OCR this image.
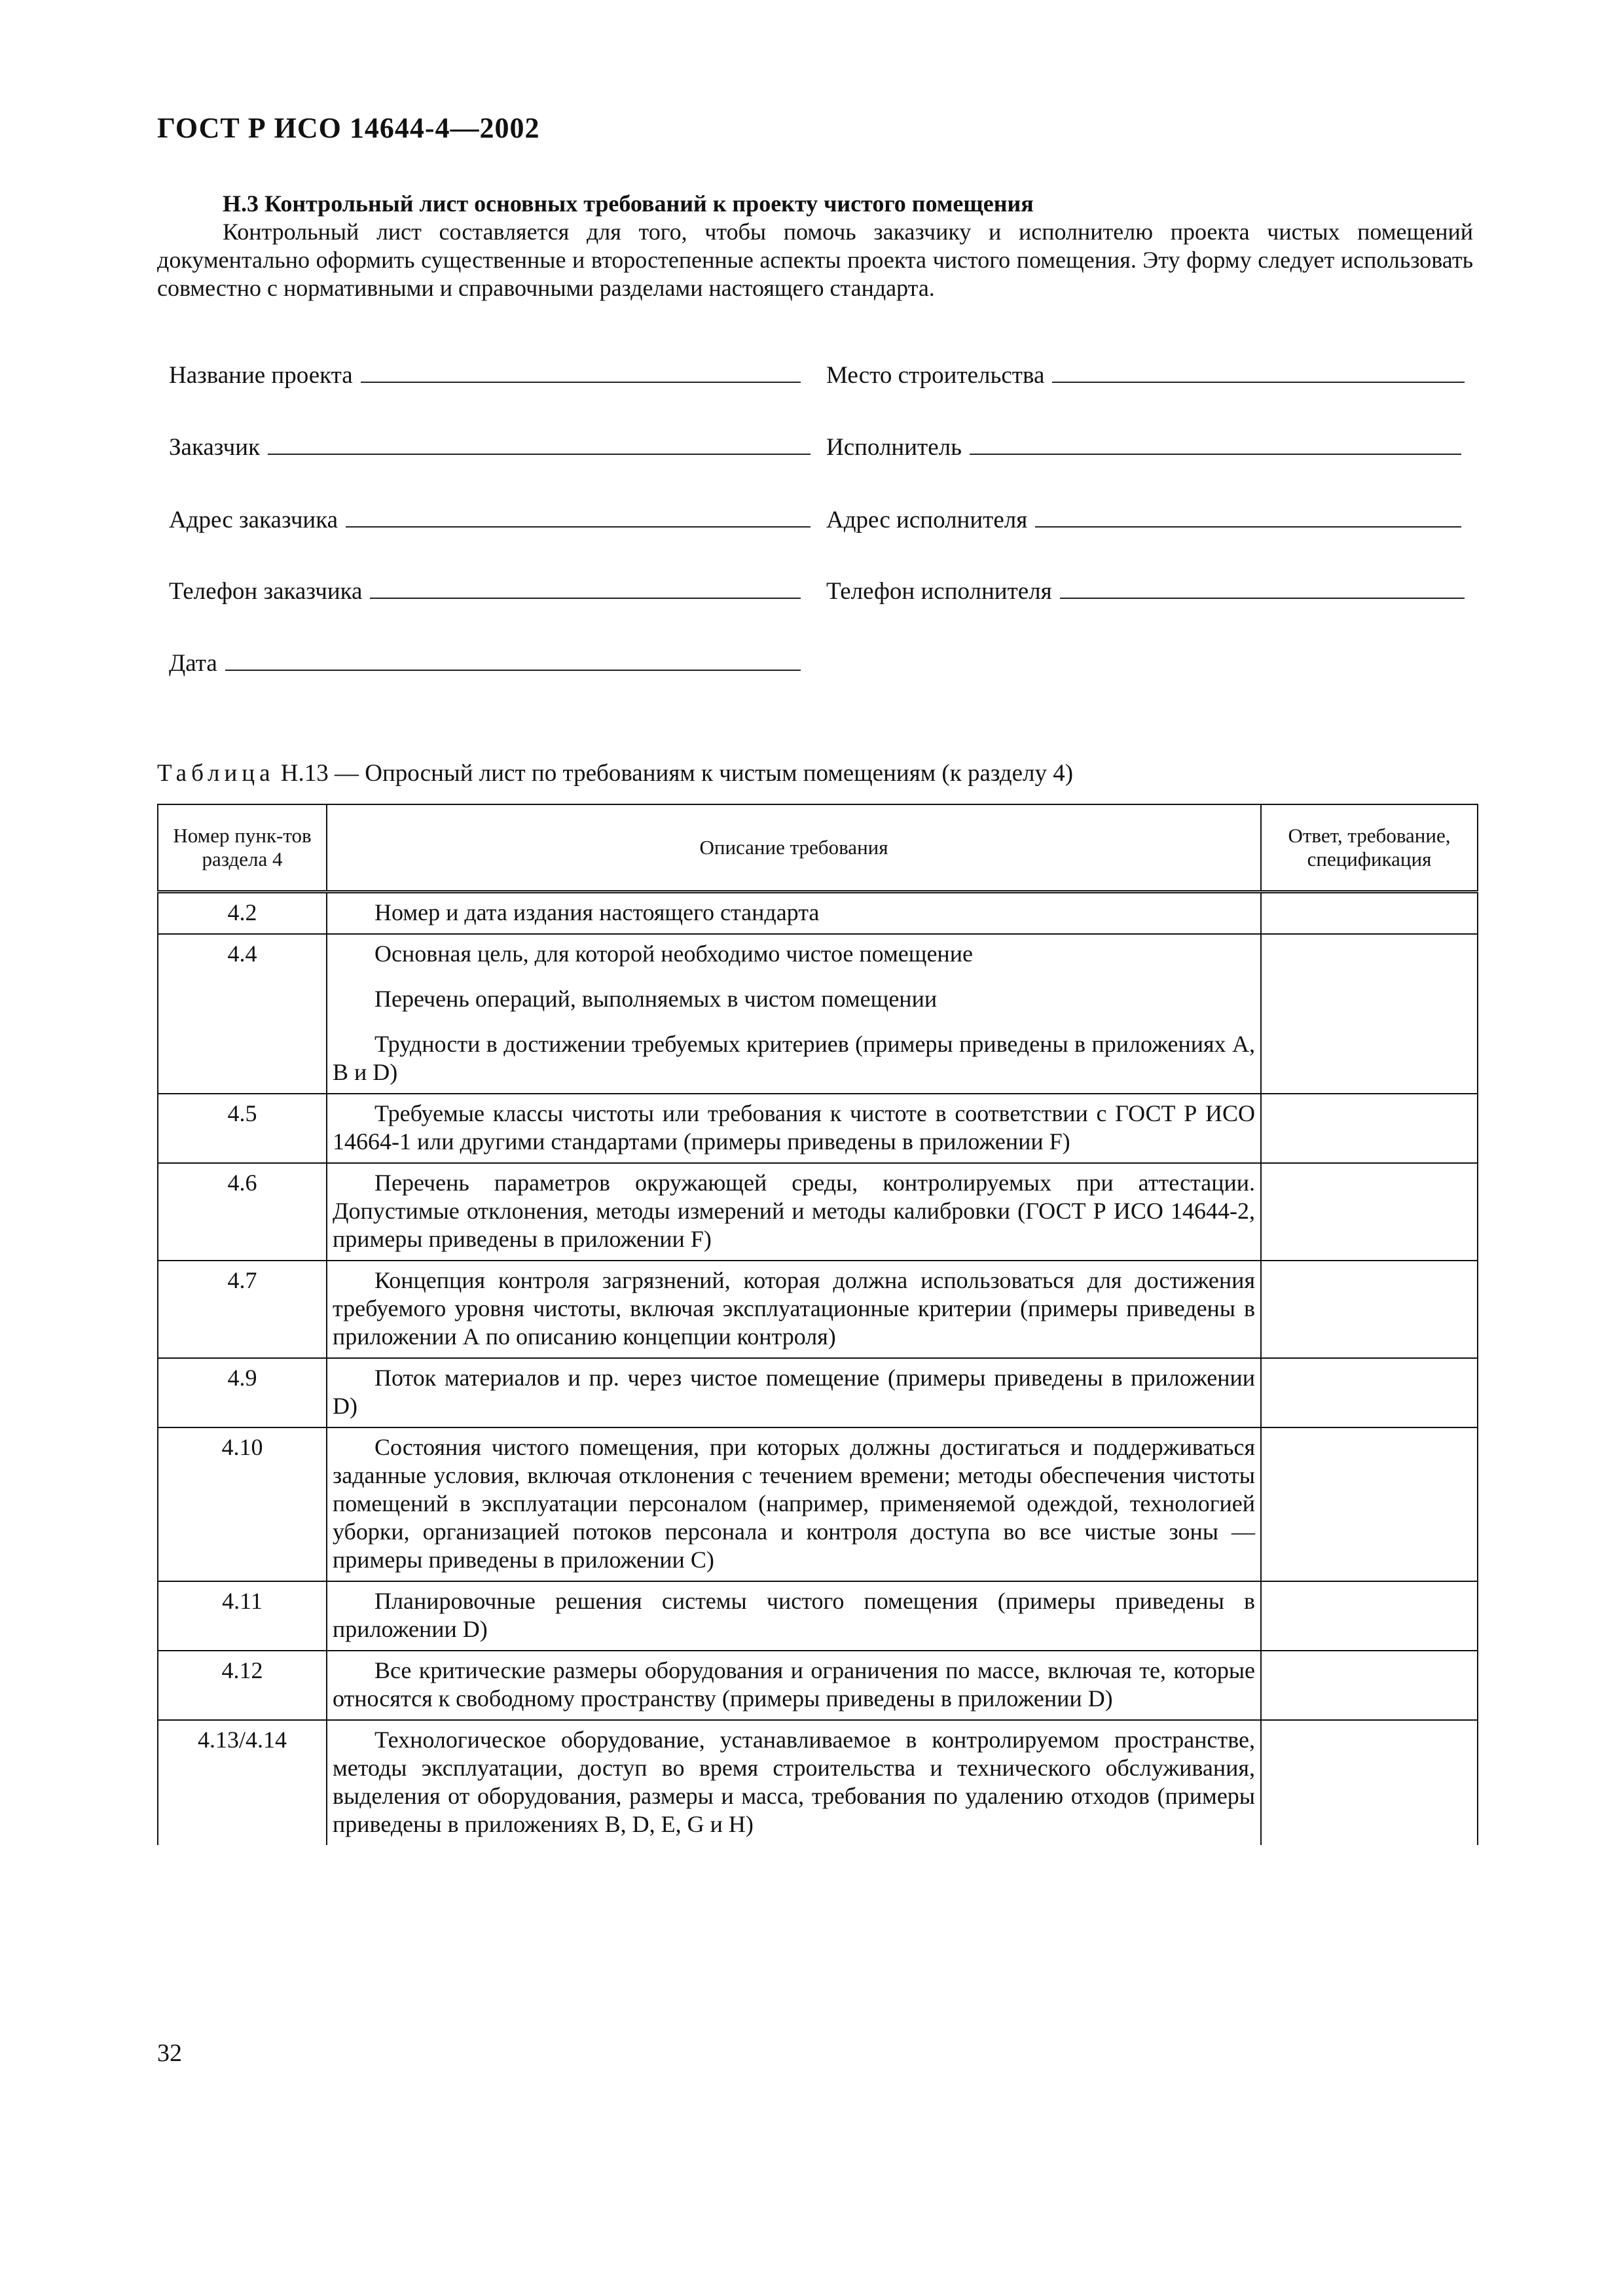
ГОСТ Р ИСО 14644-4—2002
Н.3 Контрольный лист основных требований к проекту чистого помещения
Контрольный лист составляется для того, чтобы помочь заказчику и исполнителю проекта чистых помещений документально оформить существенные и второстепенные аспекты проекта чистого помещения. Эту форму следует использовать совместно с нормативными и справочными разделами настоящего стандарта.
Название проекта	Место строительства
Заказчик	Исполнитель
Адрес заказчика	Адрес исполнителя
Телефон заказчика	Телефон исполнителя
Дата
Таблица Н.13 — Опросный лист по требованиям к чистым помещениям (к разделу 4)
Номер пунк-тов раздела 4	Описание требования	Ответ, требование, спецификация
4.2	Номер и дата издания настоящего стандарта	

4.4	Основная цель, для которой необходимо чистое помещение

Перечень операций, выполняемых в чистом помещении

Трудности в достижении требуемых критериев (примеры приведены в приложениях А, В и D)	

4.5	Требуемые классы чистоты или требования к чистоте в соответствии с ГОСТ Р ИСО 14664-1 или другими стандартами (примеры приведены в приложении F)	

4.6	Перечень параметров окружающей среды, контролируемых при аттестации. Допустимые отклонения, методы измерений и методы калибровки (ГОСТ Р ИСО 14644-2, примеры приведены в приложении F)	

4.7	Концепция контроля загрязнений, которая должна использоваться для достижения требуемого уровня чистоты, включая эксплуатационные критерии (примеры приведены в приложении А по описанию концепции контроля)	

4.9	Поток материалов и пр. через чистое помещение (примеры приведены в приложении D)	

4.10	Состояния чистого помещения, при которых должны достигаться и поддерживаться заданные условия, включая отклонения с течением времени; методы обеспечения чистоты помещений в эксплуатации персоналом (например, применяемой одеждой, технологией уборки, организацией потоков персонала и контроля доступа во все чистые зоны — примеры приведены в приложении С)	

4.11	Планировочные решения системы чистого помещения (примеры приведены в приложении D)	

4.12	Все критические размеры оборудования и ограничения по массе, включая те, которые относятся к свободному пространству (примеры приведены в приложении D)	

4.13/4.14	Технологическое оборудование, устанавливаемое в контролируемом пространстве, методы эксплуатации, доступ во время строительства и технического обслуживания, выделения от оборудования, размеры и масса, требования по удалению отходов (примеры приведены в приложениях В, D, E, G и H)	

32
